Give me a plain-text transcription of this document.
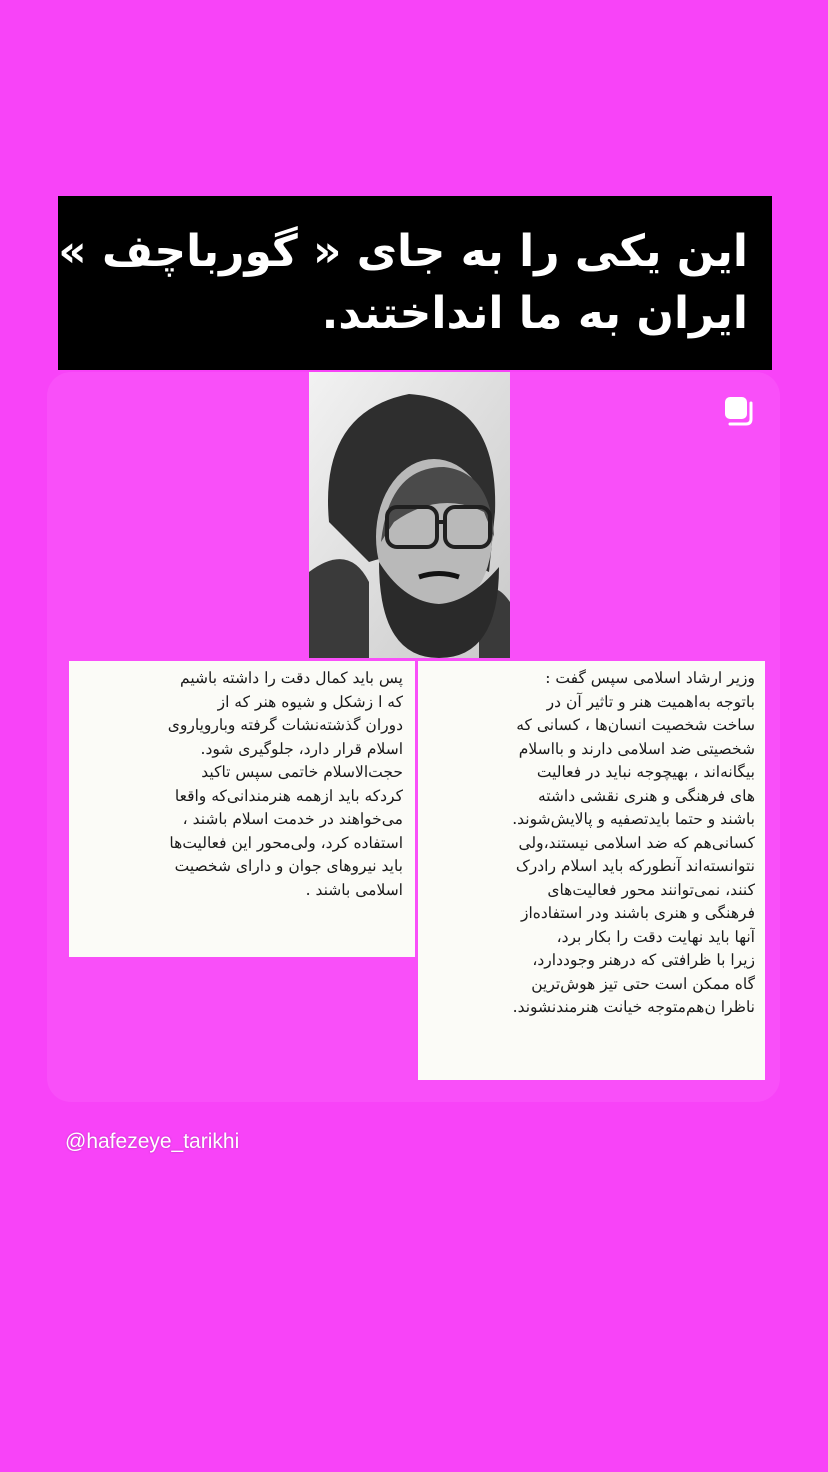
این یکی را به جای « گورباچف »
ایران به ما انداختند.

وزیر ارشاد اسلامی سپس گفت :

باتوجه به‌اهمیت هنر و تاثیر آن در

ساخت شخصیت انسان‌ها ، کسانی که

شخصیتی ضد اسلامی دارند و بااسلام

بیگانه‌اند ، بهیچوجه نباید در فعالیت

های فرهنگی و هنری نقشی داشته

باشند و حتما بایدتصفیه و پالایش‌شوند.

کسانی‌هم که ضد اسلامی نیستند،ولی

نتوانسته‌اند آنطورکه باید اسلام رادرک

کنند، نمی‌توانند محور فعالیت‌های

فرهنگی و هنری باشند ودر استفاده‌از

آنها باید نهایت دقت را بکار برد،

زیرا با ظرافتی که درهنر وجوددارد،

گاه ممکن است حتی تیز هوش‌ترین

ناظرا ن‌هم‌متوجه خیانت هنرمندنشوند.

پس باید کمال دقت را داشته باشیم

که ا زشکل و شیوه هنر که از

دوران گذشته‌نشات گرفته وبارویاروی

اسلام قرار دارد، جلوگیری شود.

حجت‌الاسلام خاتمی سپس تاکید

کردکه باید ازهمه هنرمندانی‌که واقعا

می‌خواهند در خدمت اسلام باشند ،

استفاده کرد، ولی‌محور این فعالیت‌ها

باید نیروهای جوان و دارای شخصیت

اسلامی باشند .

@hafezeye_tarikhi
